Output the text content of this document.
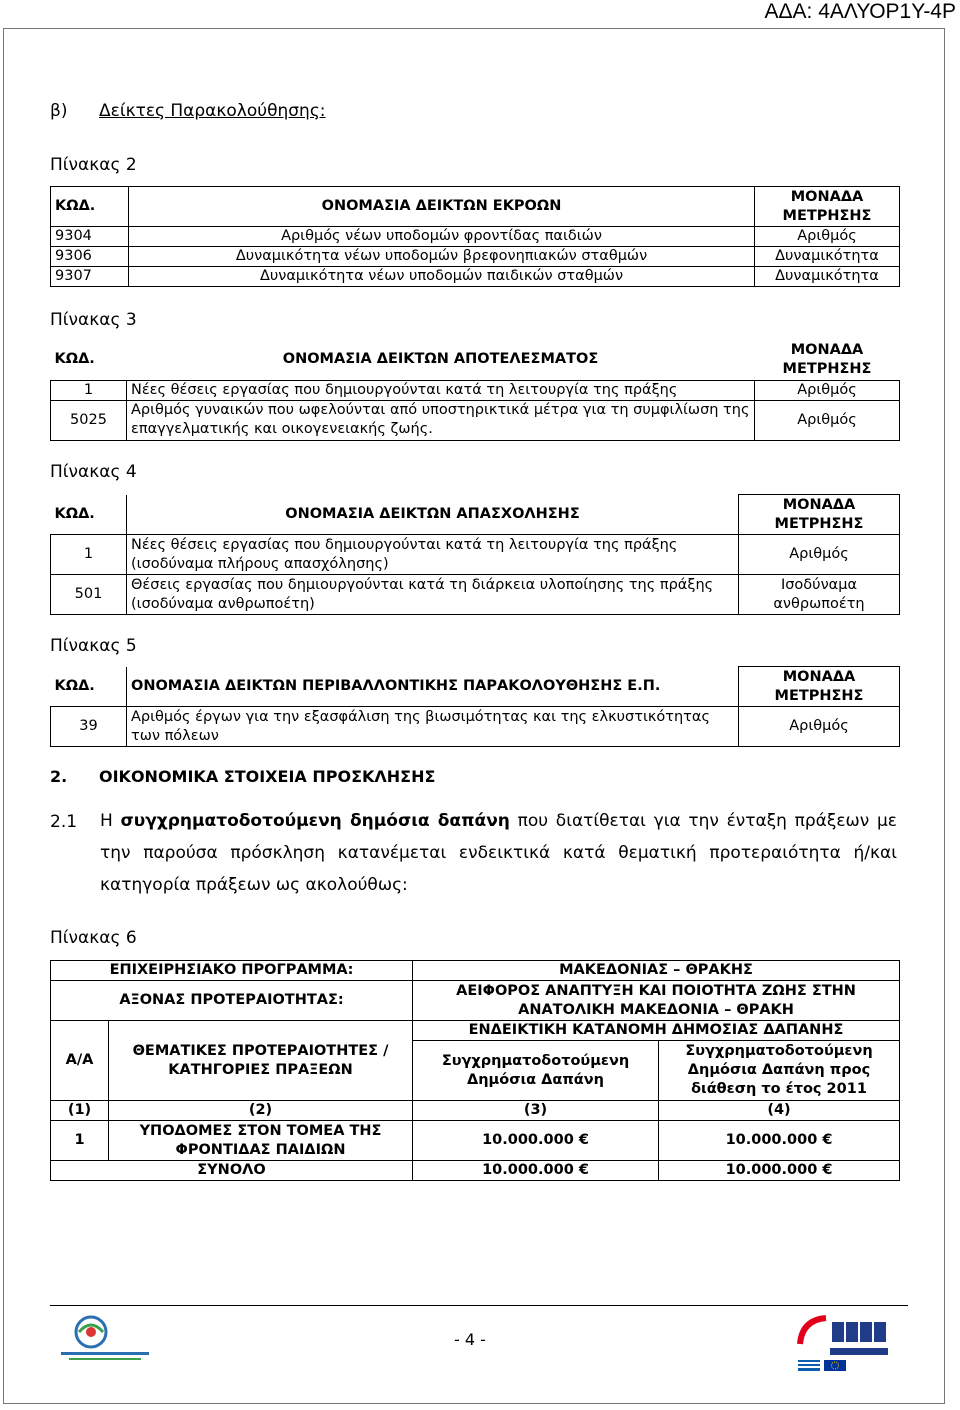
ΑΔΑ: 4ΑΛΥΟΡ1Υ-4Ρ
β) Δείκτες Παρακολούθησης:
Πίνακας 2
ΚΩΔ.	ΟΝΟΜΑΣΙΑ ΔΕΙΚΤΩΝ ΕΚΡΟΩΝ	ΜΟΝΑΔΑ ΜΕΤΡΗΣΗΣ
9304	Αριθμός νέων υποδομών φροντίδας παιδιών	Αριθμός
9306	Δυναμικότητα νέων υποδομών βρεφονηπιακών σταθμών	Δυναμικότητα
9307	Δυναμικότητα νέων υποδομών παιδικών σταθμών	Δυναμικότητα
Πίνακας 3
ΚΩΔ.	ΟΝΟΜΑΣΙΑ ΔΕΙΚΤΩΝ ΑΠΟΤΕΛΕΣΜΑΤΟΣ	ΜΟΝΑΔΑ ΜΕΤΡΗΣΗΣ
1	Νέες θέσεις εργασίας που δημιουργούνται κατά τη λειτουργία της πράξης	Αριθμός
5025	Αριθμός γυναικών που ωφελούνται από υποστηρικτικά μέτρα για τη συμφιλίωση της επαγγελματικής και οικογενειακής ζωής.	Αριθμός
Πίνακας 4
ΚΩΔ.	ΟΝΟΜΑΣΙΑ ΔΕΙΚΤΩΝ ΑΠΑΣΧΟΛΗΣΗΣ	ΜΟΝΑΔΑ ΜΕΤΡΗΣΗΣ
1	Νέες θέσεις εργασίας που δημιουργούνται κατά τη λειτουργία της πράξης (ισοδύναμα πλήρους απασχόλησης)	Αριθμός
501	Θέσεις εργασίας που δημιουργούνται κατά τη διάρκεια υλοποίησης της πράξης (ισοδύναμα ανθρωποέτη)	Ισοδύναμα ανθρωποέτη
Πίνακας 5
ΚΩΔ.	ΟΝΟΜΑΣΙΑ ΔΕΙΚΤΩΝ ΠΕΡΙΒΑΛΛΟΝΤΙΚΗΣ ΠΑΡΑΚΟΛΟΥΘΗΣΗΣ Ε.Π.	ΜΟΝΑΔΑ ΜΕΤΡΗΣΗΣ
39	Αριθμός έργων για την εξασφάλιση της βιωσιμότητας και της ελκυστικότητας των πόλεων	Αριθμός
2. ΟΙΚΟΝΟΜΙΚΑ ΣΤΟΙΧΕΙΑ ΠΡΟΣΚΛΗΣΗΣ
2.1 Η συγχρηματοδοτούμενη δημόσια δαπάνη που διατίθεται για την ένταξη πράξεων με την παρούσα πρόσκληση κατανέμεται ενδεικτικά κατά θεματική προτεραιότητα ή/και κατηγορία πράξεων ως ακολούθως:
Πίνακας 6
ΕΠΙΧΕΙΡΗΣΙΑΚΟ ΠΡΟΓΡΑΜΜΑ:		ΜΑΚΕΔΟΝΙΑΣ – ΘΡΑΚΗΣ	
ΑΞΟΝΑΣ ΠΡΟΤΕΡΑΙΟΤΗΤΑΣ:		ΑΕΙΦΟΡΟΣ ΑΝΑΠΤΥΞΗ ΚΑΙ ΠΟΙΟΤΗΤΑ ΖΩΗΣ ΣΤΗΝ ΑΝΑΤΟΛΙΚΗ ΜΑΚΕΔΟΝΙΑ – ΘΡΑΚΗ	
Α/Α	ΘΕΜΑΤΙΚΕΣ ΠΡΟΤΕΡΑΙΟΤΗΤΕΣ /ΚΑΤΗΓΟΡΙΕΣ ΠΡΑΞΕΩΝ	ΕΝΔΕΙΚΤΙΚΗ ΚΑΤΑΝΟΜΗ ΔΗΜΟΣΙΑΣ ΔΑΠΑΝΗΣ	
		Συγχρηματοδοτούμενη Δημόσια Δαπάνη	Συγχρηματοδοτούμενη Δημόσια Δαπάνη προς διάθεση το έτος 2011
(1)	(2)	(3)	(4)
1	ΥΠΟΔΟΜΕΣ ΣΤΟΝ ΤΟΜΕΑ ΤΗΣ ΦΡΟΝΤΙΔΑΣ ΠΑΙΔΙΩΝ	10.000.000 €	10.000.000 €
ΣΥΝΟΛΟ		10.000.000 €	10.000.000 €
- 4 -
